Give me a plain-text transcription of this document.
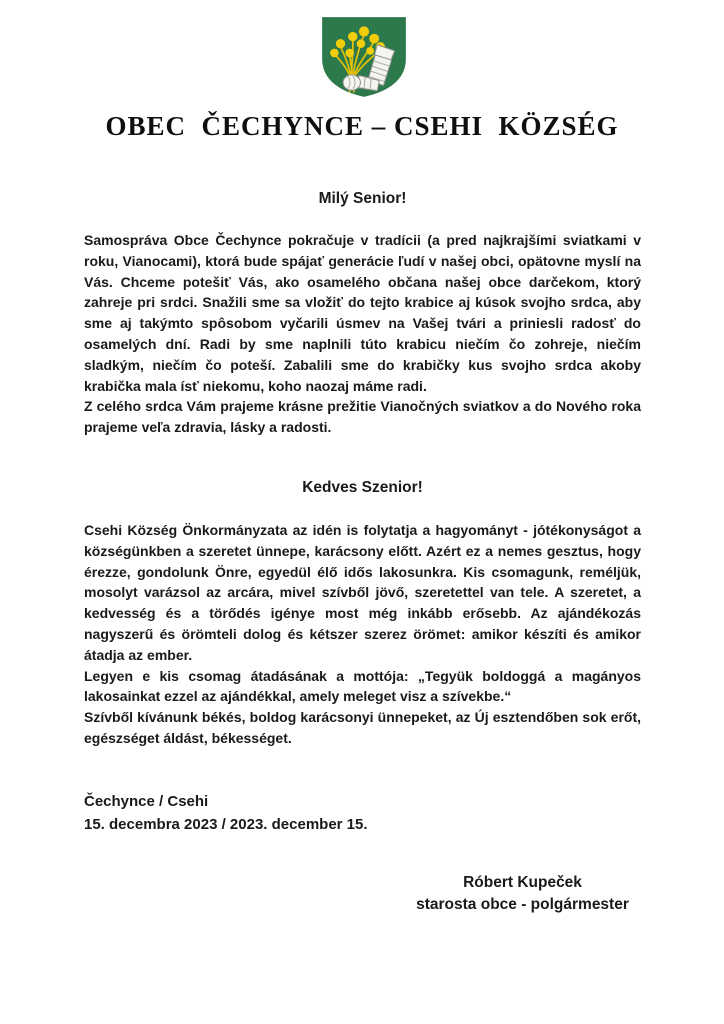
OBEC  ČECHYNCE – CSEHI  KÖZSÉG
Milý Senior!

Samospráva Obce Čechynce pokračuje v tradícii (a pred najkrajšími sviatkami v roku, Vianocami), ktorá bude spájať generácie ľudí v našej obci, opätovne myslí na Vás. Chceme potešiť Vás, ako osamelého občana našej obce darčekom, ktorý zahreje pri srdci. Snažili sme sa vložiť do tejto krabice aj kúsok svojho srdca, aby sme aj takýmto spôsobom vyčarili úsmev na Vašej tvári a priniesli radosť do osamelých dní. Radi by sme naplnili túto krabicu niečím čo zohreje, niečím sladkým, niečím čo poteší. Zabalili sme do krabičky kus svojho srdca akoby krabička mala ísť niekomu, koho naozaj máme radi.

Z celého srdca Vám prajeme krásne prežitie Vianočných sviatkov a do Nového roka prajeme veľa zdravia, lásky a radosti.

Kedves Szenior!

Csehi Község Önkormányzata az idén is folytatja a hagyományt - jótékonyságot a községünkben a szeretet ünnepe, karácsony előtt. Azért ez a nemes gesztus, hogy érezze, gondolunk Önre, egyedül élő idős lakosunkra. Kis csomagunk, reméljük, mosolyt varázsol az arcára, mivel szívből jövő, szeretettel van tele. A szeretet, a kedvesség és a törődés igénye most még inkább erősebb. Az ajándékozás nagyszerű és örömteli dolog és kétszer szerez örömet: amikor készíti és amikor átadja az ember.

Legyen e kis csomag átadásának a mottója: „Tegyük boldoggá a magányos lakosainkat ezzel az ajándékkal, amely meleget visz a szívekbe.“

Szívből kívánunk békés, boldog karácsonyi ünnepeket, az Új esztendőben sok erőt, egészséget áldást, békességet.

Čechynce / Csehi
15. decembra 2023 / 2023. december 15.
Róbert Kupeček
starosta obce - polgármester
